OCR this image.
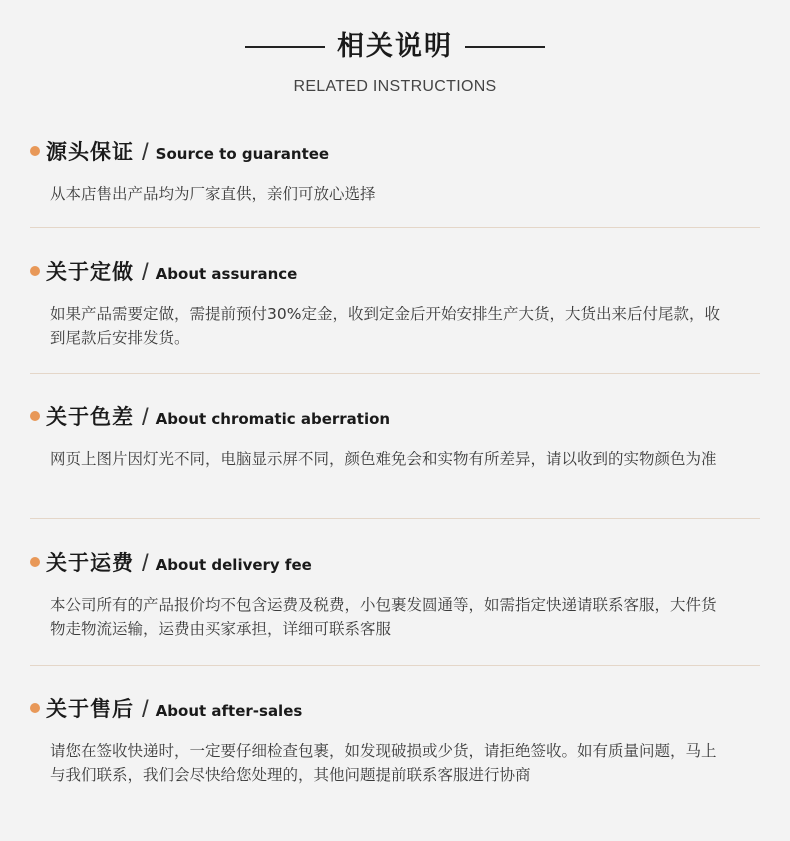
相关说明
RELATED INSTRUCTIONS
源头保证 / Source to guarantee
从本店售出产品均为厂家直供，亲们可放心选择
关于定做 / About assurance
如果产品需要定做，需提前预付30%定金，收到定金后开始安排生产大货，大货出来后付尾款，收到尾款后安排发货。
关于色差 / About chromatic aberration
网页上图片因灯光不同，电脑显示屏不同，颜色难免会和实物有所差异，请以收到的实物颜色为准
关于运费 / About delivery fee
本公司所有的产品报价均不包含运费及税费，小包裹发圆通等，如需指定快递请联系客服，大件货物走物流运输，运费由买家承担，详细可联系客服
关于售后 / About after-sales
请您在签收快递时，一定要仔细检查包裹，如发现破损或少货，请拒绝签收。如有质量问题，马上与我们联系，我们会尽快给您处理的，其他问题提前联系客服进行协商
